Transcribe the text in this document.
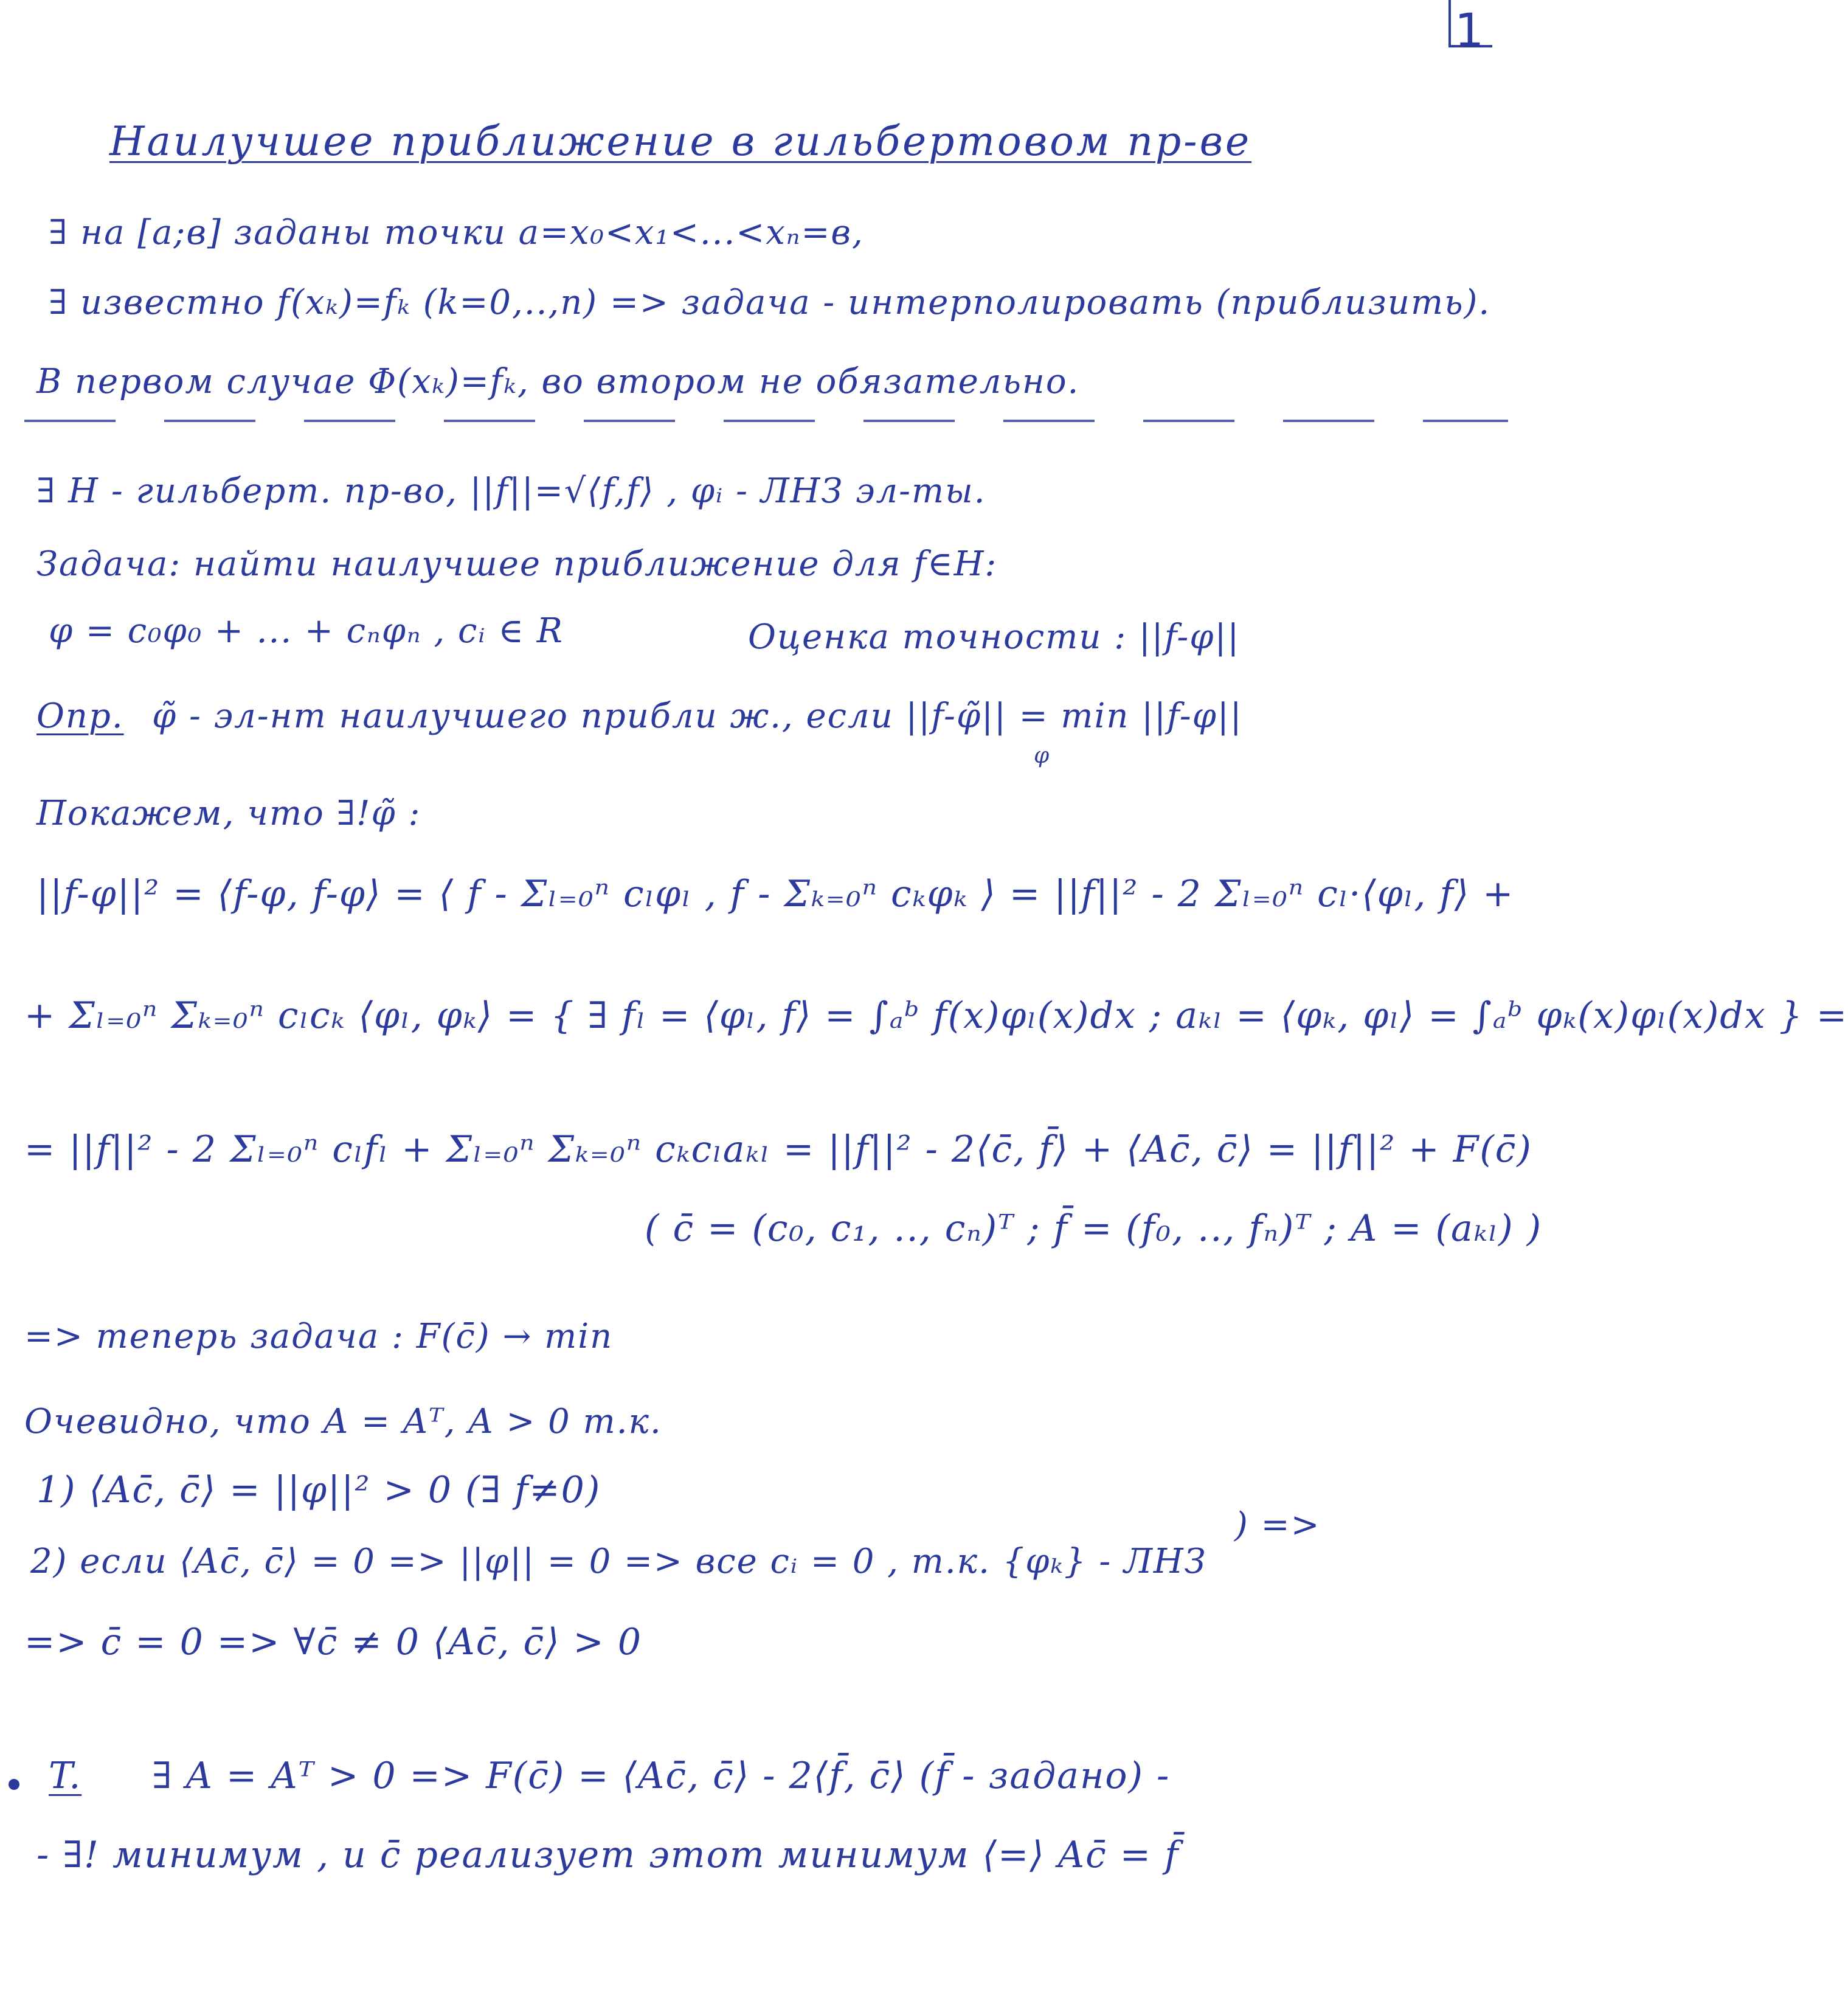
1
Наилучшее приближение в гильбертовом пр-ве
∃ на [a;в] заданы точки a=x₀<x₁<...<xₙ=в,
∃ известно f(xₖ)=fₖ (k=0,..,n) => задача - интерполировать (приблизить).
В первом случае Φ(xₖ)=fₖ, во втором не обязательно.
∃ H - гильберт. пр-во, ||f||=√⟨f,f⟩ , φᵢ - ЛНЗ эл-ты.
Задача: найти наилучшее приближение для f∈H:
φ = c₀φ₀ + ... + cₙφₙ , cᵢ ∈ R	Оценка точности : ||f-φ||
Опр. φ̃ - эл-нт наилучшего прибли ж., если ||f-φ̃|| = min ||f-φ||
φ
Покажем, что ∃!φ̃ :
||f-φ||² = ⟨f-φ, f-φ⟩ = ⟨ f - Σₗ₌₀ⁿ cₗφₗ , f - Σₖ₌₀ⁿ cₖφₖ ⟩ = ||f||² - 2 Σₗ₌₀ⁿ cₗ·⟨φₗ, f⟩ +
+ Σₗ₌₀ⁿ Σₖ₌₀ⁿ cₗcₖ ⟨φₗ, φₖ⟩ = { ∃ fₗ = ⟨φₗ, f⟩ = ∫ₐᵇ f(x)φₗ(x)dx ; aₖₗ = ⟨φₖ, φₗ⟩ = ∫ₐᵇ φₖ(x)φₗ(x)dx } =
= ||f||² - 2 Σₗ₌₀ⁿ cₗfₗ + Σₗ₌₀ⁿ Σₖ₌₀ⁿ cₖcₗaₖₗ = ||f||² - 2⟨c̄, f̄⟩ + ⟨Ac̄, c̄⟩ = ||f||² + F(c̄)
( c̄ = (c₀, c₁, .., cₙ)ᵀ ; f̄ = (f₀, .., fₙ)ᵀ ; A = (aₖₗ) )
=> теперь задача : F(c̄) → min
Очевидно, что A = Aᵀ, A > 0 т.к.
1) ⟨Ac̄, c̄⟩ = ||φ||² > 0 (∃ f≠0)
2) если ⟨Ac̄, c̄⟩ = 0 => ||φ|| = 0 => все cᵢ = 0 , т.к. {φₖ} - ЛНЗ
) =>
=> c̄ = 0 => ∀c̄ ≠ 0 ⟨Ac̄, c̄⟩ > 0
T. ∃ A = Aᵀ > 0 => F(c̄) = ⟨Ac̄, c̄⟩ - 2⟨f̄, c̄⟩ (f̄ - задано) -
- ∃! минимум , и c̄ реализует этот минимум ⟨=⟩ Ac̄ = f̄
